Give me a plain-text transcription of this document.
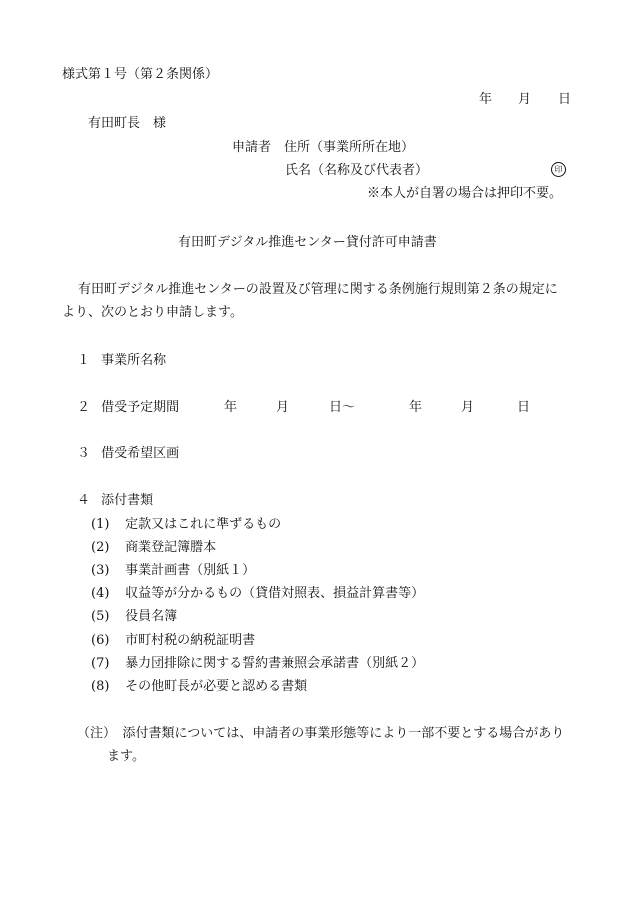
様式第１号（第２条関係）
年 月 日
有田町長　様
申請者　住所（事業所所在地）
氏名（名称及び代表者）	印
※本人が自署の場合は押印不要。
有田町デジタル推進センター貸付許可申請書
有田町デジタル推進センターの設置及び管理に関する条例施行規則第２条の規定に
より、次のとおり申請します。
１ 事業所名称
２ 借受予定期間	年	月	日～	年	月	日
３ 借受希望区画
４ 添付書類
(1) 定款又はこれに準ずるもの
(2) 商業登記簿謄本
(3) 事業計画書（別紙１）
(4) 収益等が分かるもの（貸借対照表、損益計算書等）
(5) 役員名簿
(6) 市町村税の納税証明書
(7) 暴力団排除に関する誓約書兼照会承諾書（別紙２）
(8) その他町長が必要と認める書類
（注）　添付書類については、申請者の事業形態等により一部不要とする場合があり
ます。
